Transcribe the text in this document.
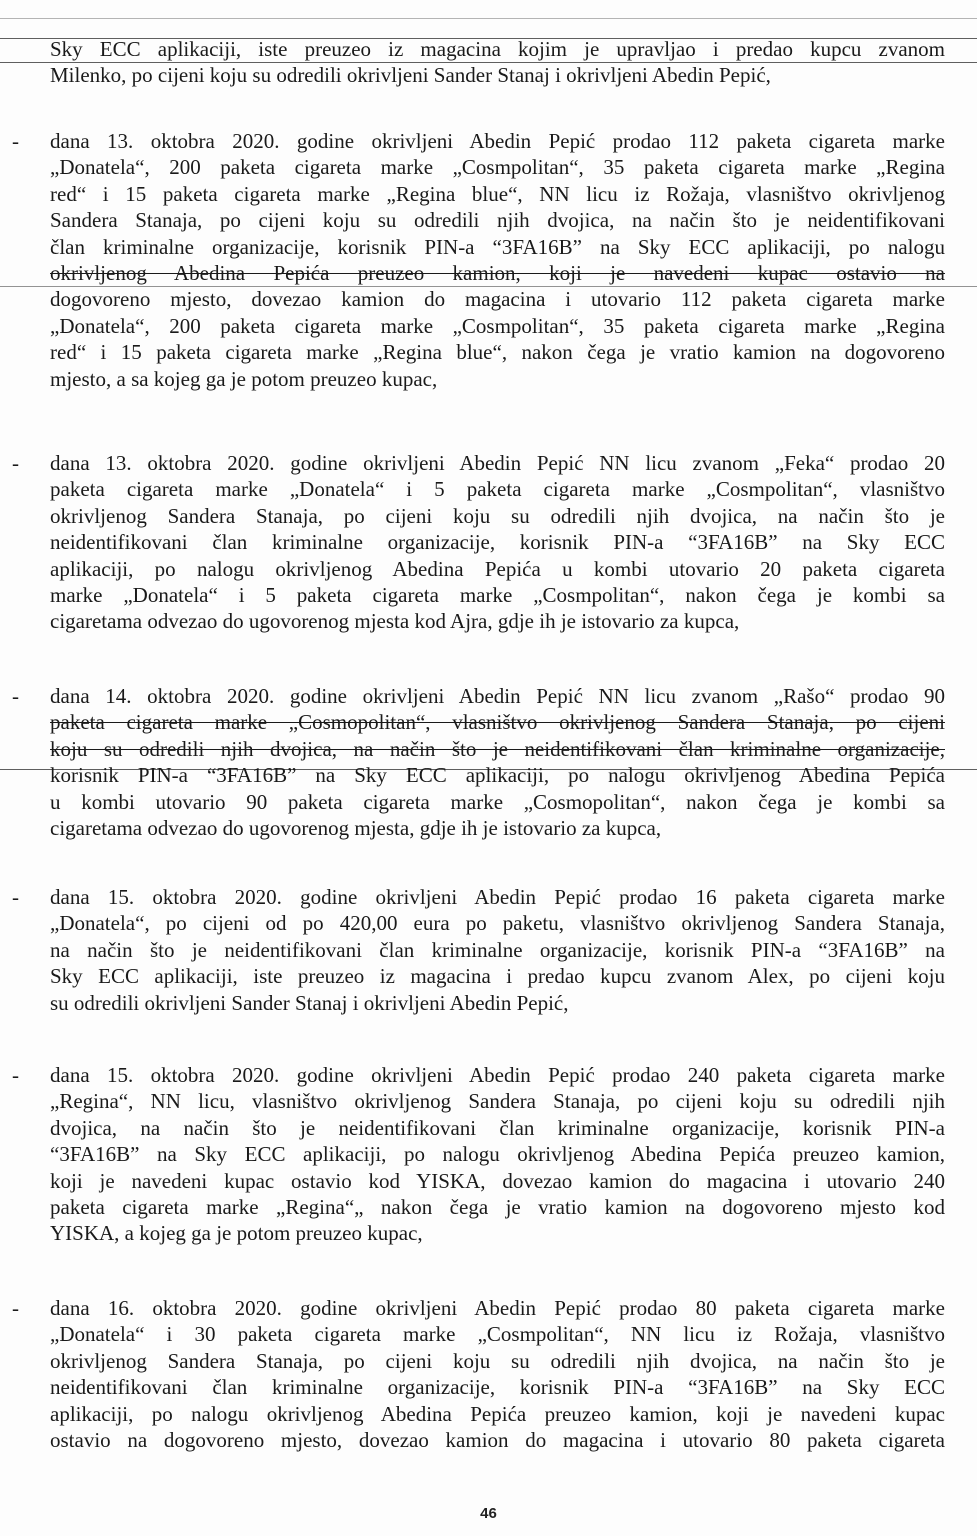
Sky ECC aplikaciji, iste preuzeo iz magacina kojim je upravljao i predao kupcu zvanom
Milenko, po cijeni koju su odredili okrivljeni Sander Stanaj i okrivljeni Abedin Pepić,
- dana 13. oktobra 2020. godine okrivljeni Abedin Pepić prodao 112 paketa cigareta marke
„Donatela“, 200 paketa cigareta marke „Cosmpolitan“, 35 paketa cigareta marke „Regina
red“ i 15 paketa cigareta marke „Regina blue“, NN licu iz Rožaja, vlasništvo okrivljenog
Sandera Stanaja, po cijeni koju su odredili njih dvojica, na način što je neidentifikovani
član kriminalne organizacije, korisnik PIN-a “3FA16B” na Sky ECC aplikaciji, po nalogu
okrivljenog Abedina Pepića preuzeo kamion, koji je navedeni kupac ostavio na
dogovoreno mjesto, dovezao kamion do magacina i utovario 112 paketa cigareta marke
„Donatela“, 200 paketa cigareta marke „Cosmpolitan“, 35 paketa cigareta marke „Regina
red“ i 15 paketa cigareta marke „Regina blue“, nakon čega je vratio kamion na dogovoreno
mjesto, a sa kojeg ga je potom preuzeo kupac,
- dana 13. oktobra 2020. godine okrivljeni Abedin Pepić NN licu zvanom „Feka“ prodao 20
paketa cigareta marke „Donatela“ i 5 paketa cigareta marke „Cosmpolitan“, vlasništvo
okrivljenog Sandera Stanaja, po cijeni koju su odredili njih dvojica, na način što je
neidentifikovani član kriminalne organizacije, korisnik PIN-a “3FA16B” na Sky ECC
aplikaciji, po nalogu okrivljenog Abedina Pepića u kombi utovario 20 paketa cigareta
marke „Donatela“ i 5 paketa cigareta marke „Cosmpolitan“, nakon čega je kombi sa
cigaretama odvezao do ugovorenog mjesta kod Ajra, gdje ih je istovario za kupca,
- dana 14. oktobra 2020. godine okrivljeni Abedin Pepić NN licu zvanom „Rašo“ prodao 90
paketa cigareta marke „Cosmopolitan“, vlasništvo okrivljenog Sandera Stanaja, po cijeni
koju su odredili njih dvojica, na način što je neidentifikovani član kriminalne organizacije,
korisnik PIN-a “3FA16B” na Sky ECC aplikaciji, po nalogu okrivljenog Abedina Pepića
u kombi utovario 90 paketa cigareta marke „Cosmopolitan“, nakon čega je kombi sa
cigaretama odvezao do ugovorenog mjesta, gdje ih je istovario za kupca,
- dana 15. oktobra 2020. godine okrivljeni Abedin Pepić prodao 16 paketa cigareta marke
„Donatela“, po cijeni od po 420,00 eura po paketu, vlasništvo okrivljenog Sandera Stanaja,
na način što je neidentifikovani član kriminalne organizacije, korisnik PIN-a “3FA16B” na
Sky ECC aplikaciji, iste preuzeo iz magacina i predao kupcu zvanom Alex, po cijeni koju
su odredili okrivljeni Sander Stanaj i okrivljeni Abedin Pepić,
- dana 15. oktobra 2020. godine okrivljeni Abedin Pepić prodao 240 paketa cigareta marke
„Regina“, NN licu, vlasništvo okrivljenog Sandera Stanaja, po cijeni koju su odredili njih
dvojica, na način što je neidentifikovani član kriminalne organizacije, korisnik PIN-a
“3FA16B” na Sky ECC aplikaciji, po nalogu okrivljenog Abedina Pepića preuzeo kamion,
koji je navedeni kupac ostavio kod YISKA, dovezao kamion do magacina i utovario 240
paketa cigareta marke „Regina“„ nakon čega je vratio kamion na dogovoreno mjesto kod
YISKA, a kojeg ga je potom preuzeo kupac,
- dana 16. oktobra 2020. godine okrivljeni Abedin Pepić prodao 80 paketa cigareta marke
„Donatela“ i 30 paketa cigareta marke „Cosmpolitan“, NN licu iz Rožaja, vlasništvo
okrivljenog Sandera Stanaja, po cijeni koju su odredili njih dvojica, na način što je
neidentifikovani član kriminalne organizacije, korisnik PIN-a “3FA16B” na Sky ECC
aplikaciji, po nalogu okrivljenog Abedina Pepića preuzeo kamion, koji je navedeni kupac
ostavio na dogovoreno mjesto, dovezao kamion do magacina i utovario 80 paketa cigareta
46
